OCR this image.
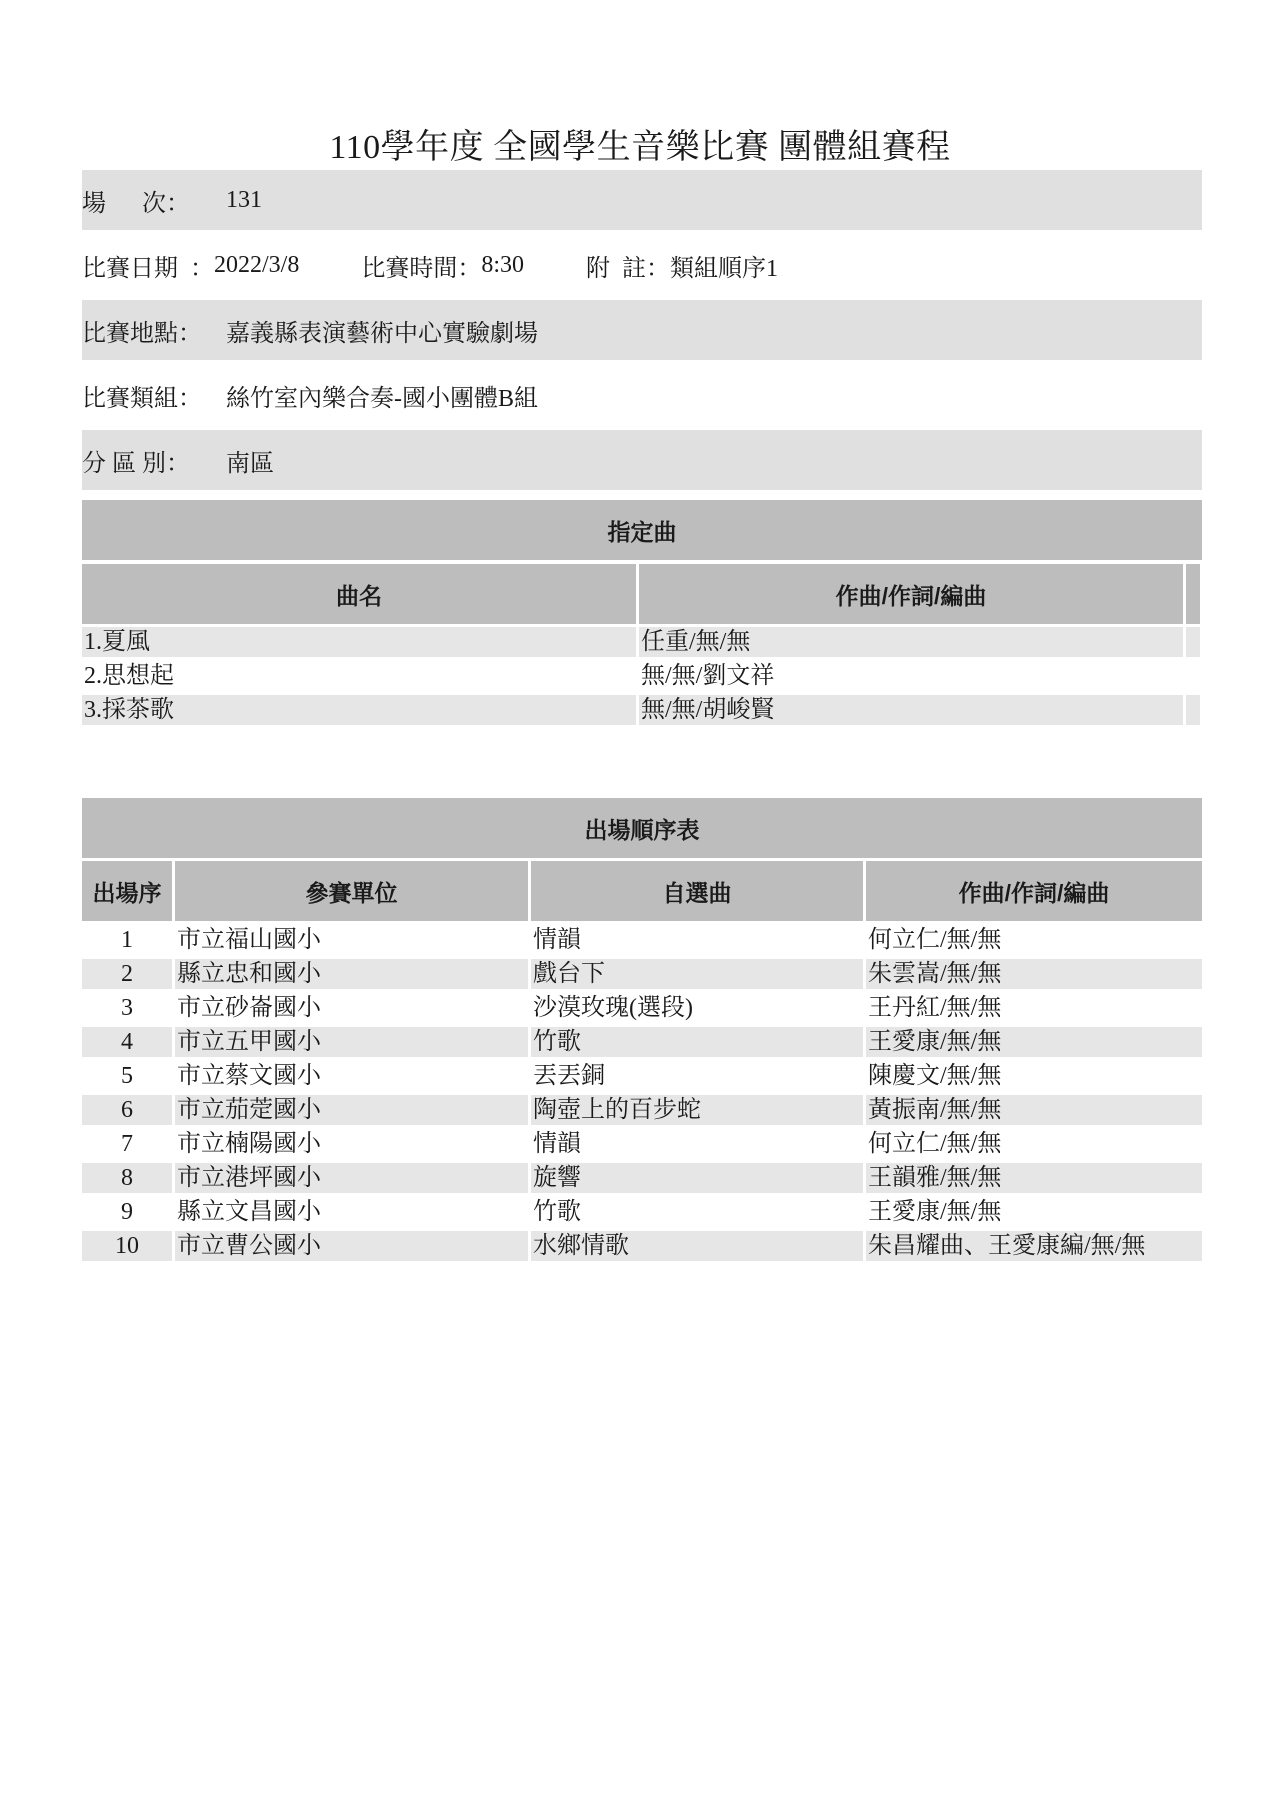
110學年度 全國學生音樂比賽 團體組賽程
場      次：	131
比賽日期  ： 2022/3/8	比賽時間： 8:30	附  註： 類組順序1
比賽地點：	嘉義縣表演藝術中心實驗劇場
比賽類組：	絲竹室內樂合奏-國小團體B組
分 區 別：	南區
指定曲
曲名	作曲/作詞/編曲
1.夏風	任重/無/無
2.思想起	無/無/劉文祥
3.採茶歌	無/無/胡峻賢
出場順序表
出場序	參賽單位	自選曲	作曲/作詞/編曲
1	市立福山國小	情韻	何立仁/無/無
2	縣立忠和國小	戲台下	朱雲嵩/無/無
3	市立砂崙國小	沙漠玫瑰(選段)	王丹紅/無/無
4	市立五甲國小	竹歌	王愛康/無/無
5	市立蔡文國小	丟丟銅	陳慶文/無/無
6	市立茄萣國小	陶壺上的百步蛇	黃振南/無/無
7	市立楠陽國小	情韻	何立仁/無/無
8	市立港坪國小	旋響	王韻雅/無/無
9	縣立文昌國小	竹歌	王愛康/無/無
10	市立曹公國小	水鄉情歌	朱昌耀曲、王愛康編/無/無
